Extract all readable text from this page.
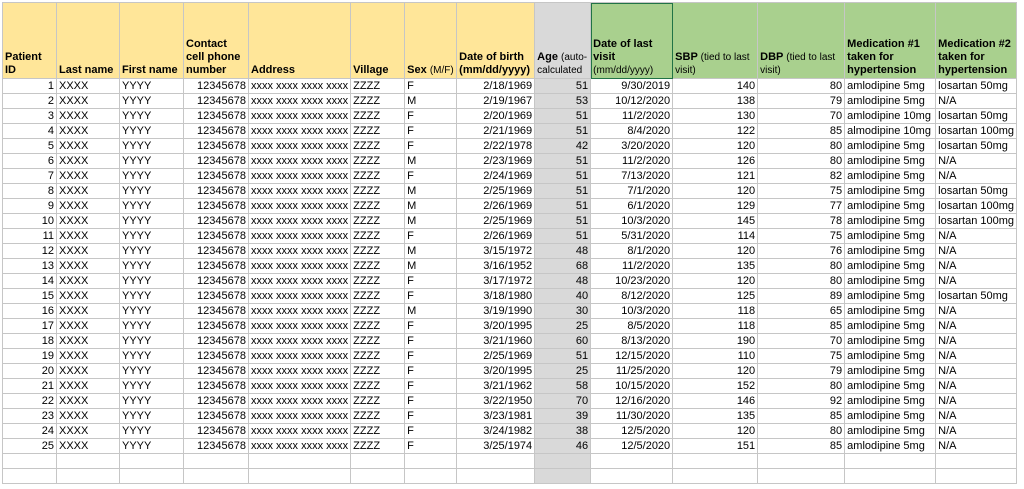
Patient ID	Last name	First name	Contact cell phone number	Address	Village	Sex (M/F)	Date of birth (mm/dd/yyyy)	Age (auto-calculated	Date of last visit (mm/dd/yyyy)	SBP (tied to last visit)	DBP (tied to last visit)	Medication #1 taken for hypertension	Medication #2 taken for hypertension
1	XXXX	YYYY	12345678	xxxx xxxx xxxx xxxx	ZZZZ	F	2/18/1969	51	9/30/2019	140	80	amlodipine 5mg	losartan 50mg
2	XXXX	YYYY	12345678	xxxx xxxx xxxx xxxx	ZZZZ	M	2/19/1967	53	10/12/2020	138	79	amlodipine 5mg	N/A
3	XXXX	YYYY	12345678	xxxx xxxx xxxx xxxx	ZZZZ	F	2/20/1969	51	11/2/2020	130	70	amlodipine 10mg	losartan 50mg
4	XXXX	YYYY	12345678	xxxx xxxx xxxx xxxx	ZZZZ	F	2/21/1969	51	8/4/2020	122	85	almodipine 10mg	losartan 100mg
5	XXXX	YYYY	12345678	xxxx xxxx xxxx xxxx	ZZZZ	F	2/22/1978	42	3/20/2020	120	80	amlodipine 5mg	losartan 50mg
6	XXXX	YYYY	12345678	xxxx xxxx xxxx xxxx	ZZZZ	M	2/23/1969	51	11/2/2020	126	80	amlodipine 5mg	N/A
7	XXXX	YYYY	12345678	xxxx xxxx xxxx xxxx	ZZZZ	F	2/24/1969	51	7/13/2020	121	82	amlodipine 5mg	N/A
8	XXXX	YYYY	12345678	xxxx xxxx xxxx xxxx	ZZZZ	M	2/25/1969	51	7/1/2020	120	75	amlodipine 5mg	losartan 50mg
9	XXXX	YYYY	12345678	xxxx xxxx xxxx xxxx	ZZZZ	M	2/26/1969	51	6/1/2020	129	77	amlodipine 5mg	losartan 100mg
10	XXXX	YYYY	12345678	xxxx xxxx xxxx xxxx	ZZZZ	M	2/25/1969	51	10/3/2020	145	78	amlodipine 5mg	losartan 100mg
11	XXXX	YYYY	12345678	xxxx xxxx xxxx xxxx	ZZZZ	F	2/26/1969	51	5/31/2020	114	75	amlodipine 5mg	N/A
12	XXXX	YYYY	12345678	xxxx xxxx xxxx xxxx	ZZZZ	M	3/15/1972	48	8/1/2020	120	76	amlodipine 5mg	N/A
13	XXXX	YYYY	12345678	xxxx xxxx xxxx xxxx	ZZZZ	M	3/16/1952	68	11/2/2020	135	80	amlodipine 5mg	N/A
14	XXXX	YYYY	12345678	xxxx xxxx xxxx xxxx	ZZZZ	F	3/17/1972	48	10/23/2020	120	80	amlodipine 5mg	N/A
15	XXXX	YYYY	12345678	xxxx xxxx xxxx xxxx	ZZZZ	F	3/18/1980	40	8/12/2020	125	89	amlodipine 5mg	losartan 50mg
16	XXXX	YYYY	12345678	xxxx xxxx xxxx xxxx	ZZZZ	M	3/19/1990	30	10/3/2020	118	65	amlodipine 5mg	N/A
17	XXXX	YYYY	12345678	xxxx xxxx xxxx xxxx	ZZZZ	F	3/20/1995	25	8/5/2020	118	85	amlodipine 5mg	N/A
18	XXXX	YYYY	12345678	xxxx xxxx xxxx xxxx	ZZZZ	F	3/21/1960	60	8/13/2020	190	70	amlodipine 5mg	N/A
19	XXXX	YYYY	12345678	xxxx xxxx xxxx xxxx	ZZZZ	F	2/25/1969	51	12/15/2020	110	75	amlodipine 5mg	N/A
20	XXXX	YYYY	12345678	xxxx xxxx xxxx xxxx	ZZZZ	F	3/20/1995	25	11/25/2020	120	79	amlodipine 5mg	N/A
21	XXXX	YYYY	12345678	xxxx xxxx xxxx xxxx	ZZZZ	F	3/21/1962	58	10/15/2020	152	80	amlodipine 5mg	N/A
22	XXXX	YYYY	12345678	xxxx xxxx xxxx xxxx	ZZZZ	F	3/22/1950	70	12/16/2020	146	92	amlodipine 5mg	N/A
23	XXXX	YYYY	12345678	xxxx xxxx xxxx xxxx	ZZZZ	F	3/23/1981	39	11/30/2020	135	85	amlodipine 5mg	N/A
24	XXXX	YYYY	12345678	xxxx xxxx xxxx xxxx	ZZZZ	F	3/24/1982	38	12/5/2020	120	80	amlodipine 5mg	N/A
25	XXXX	YYYY	12345678	xxxx xxxx xxxx xxxx	ZZZZ	F	3/25/1974	46	12/5/2020	151	85	amlodipine 5mg	N/A
